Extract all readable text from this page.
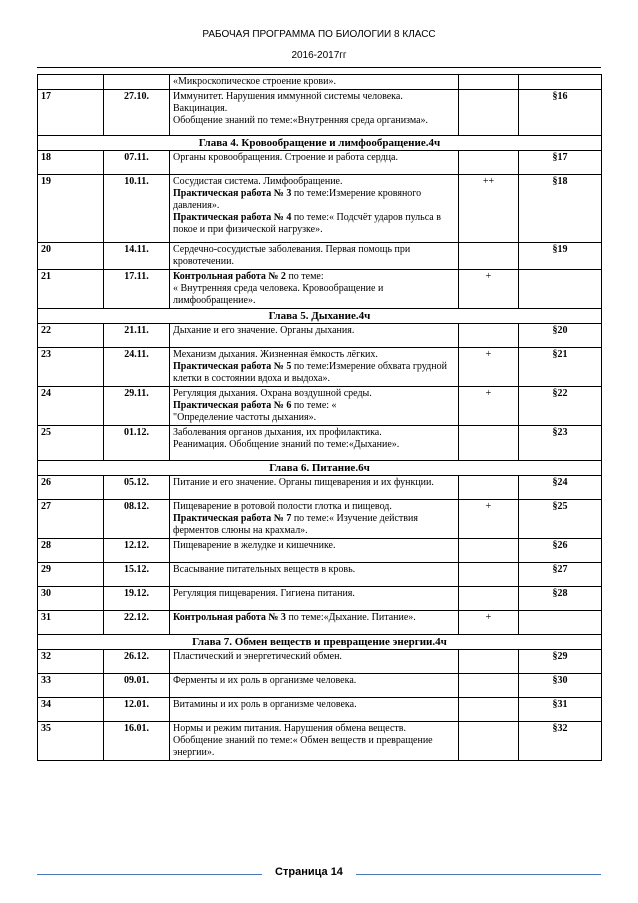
РАБОЧАЯ ПРОГРАММА ПО БИОЛОГИИ 8 КЛАСС
2016-2017гг
		«Микроскопическое строение крови».		
17	27.10.	Иммунитет. Нарушения иммунной системы человека. Вакцинация.
Обобщение знаний по теме:«Внутренняя среда организма».		§16
Глава 4. Кровообращение и лимфообращение.4ч				
18	07.11.	Органы кровообращения. Строение и работа сердца.		§17
19	10.11.	Сосудистая система. Лимфообращение.
Практическая работа № 3 по теме:Измерение кровяного давления».
Практическая работа № 4 по теме:« Подсчёт ударов пульса в покое и при физической нагрузке».	++	§18
20	14.11.	Сердечно-сосудистые заболевания. Первая помощь при кровотечении.		§19
21	17.11.	Контрольная работа № 2 по теме:
« Внутренняя среда человека. Кровообращение и лимфообращение».	+	
Глава 5. Дыхание.4ч				
22	21.11.	Дыхание и его значение. Органы дыхания.		§20
23	24.11.	Механизм дыхания. Жизненная ёмкость лёгких.
Практическая работа № 5 по теме:Измерение обхвата грудной клетки в состоянии вдоха и выдоха».	+	§21
24	29.11.	Регуляция дыхания. Охрана воздушной среды.
Практическая работа № 6 по теме: «
"Определение частоты дыхания».	+	§22
25	01.12.	Заболевания органов дыхания, их профилактика.
Реанимация. Обобщение знаний по теме:«Дыхание».		§23
Глава 6. Питание.6ч				
26	05.12.	Питание и его значение. Органы пищеварения и их функции.		§24
27	08.12.	Пищеварение в ротовой полости глотка и пищевод.
Практическая работа № 7 по теме:« Изучение действия ферментов слюны на крахмал».	+	§25
28	12.12.	Пищеварение в желудке и кишечнике.		§26
29	15.12.	Всасывание питательных веществ в кровь.		§27
30	19.12.	Регуляция пищеварения. Гигиена питания.		§28
31	22.12.	Контрольная работа № 3 по теме:«Дыхание. Питание».	+	
Глава 7. Обмен веществ и превращение энергии.4ч				
32	26.12.	Пластический и энергетический обмен.		§29
33	09.01.	Ферменты и их роль в организме человека.		§30
34	12.01.	Витамины и их роль в организме человека.		§31
35	16.01.	Нормы и режим питания. Нарушения обмена веществ.
Обобщение знаний по теме:« Обмен веществ и превращение энергии».		§32
Страница 14
